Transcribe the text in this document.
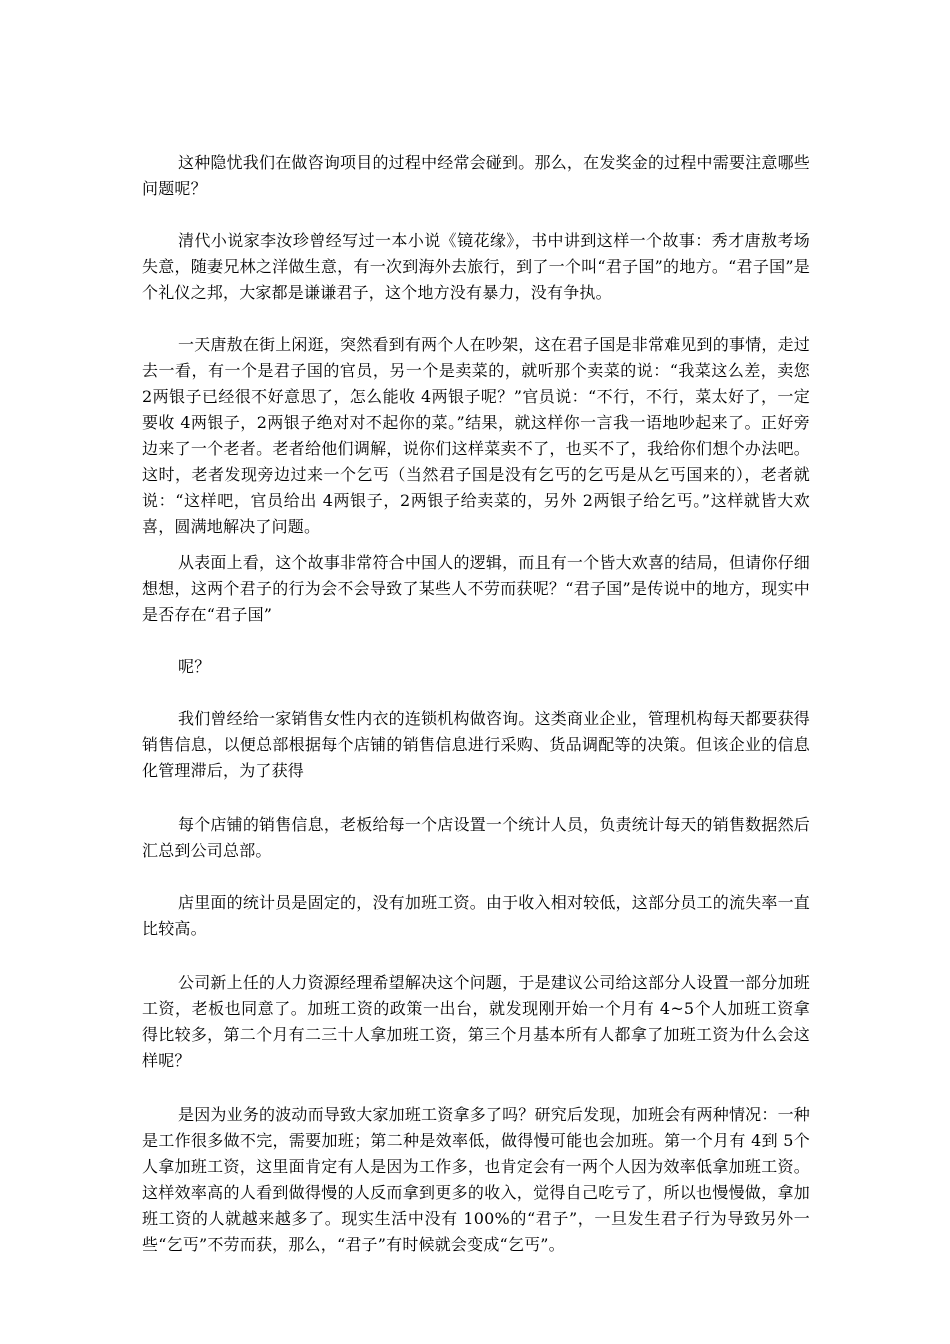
这种隐忧我们在做咨询项目的过程中经常会碰到。那么，在发奖金的过程中需要注意哪些问题呢？

清代小说家李汝珍曾经写过一本小说《镜花缘》，书中讲到这样一个故事：秀才唐敖考场失意，随妻兄林之洋做生意，有一次到海外去旅行，到了一个叫“君子国”的地方。“君子国”是个礼仪之邦，大家都是谦谦君子，这个地方没有暴力，没有争执。

一天唐敖在街上闲逛，突然看到有两个人在吵架，这在君子国是非常难见到的事情，走过去一看，有一个是君子国的官员，另一个是卖菜的，就听那个卖菜的说：“我菜这么差，卖您 2两银子已经很不好意思了，怎么能收 4两银子呢？”官员说：“不行，不行，菜太好了，一定要收 4两银子，2两银子绝对对不起你的菜。”结果，就这样你一言我一语地吵起来了。正好旁边来了一个老者。老者给他们调解，说你们这样菜卖不了，也买不了，我给你们想个办法吧。这时，老者发现旁边过来一个乞丐（当然君子国是没有乞丐的乞丐是从乞丐国来的），老者就说：“这样吧，官员给出 4两银子，2两银子给卖菜的，另外 2两银子给乞丐。”这样就皆大欢喜，圆满地解决了问题。

从表面上看，这个故事非常符合中国人的逻辑，而且有一个皆大欢喜的结局，但请你仔细想想，这两个君子的行为会不会导致了某些人不劳而获呢？“君子国”是传说中的地方，现实中是否存在“君子国”

呢？

我们曾经给一家销售女性内衣的连锁机构做咨询。这类商业企业，管理机构每天都要获得销售信息，以便总部根据每个店铺的销售信息进行采购、货品调配等的决策。但该企业的信息化管理滞后，为了获得

每个店铺的销售信息，老板给每一个店设置一个统计人员，负责统计每天的销售数据然后汇总到公司总部。

店里面的统计员是固定的，没有加班工资。由于收入相对较低，这部分员工的流失率一直比较高。

公司新上任的人力资源经理希望解决这个问题，于是建议公司给这部分人设置一部分加班工资，老板也同意了。加班工资的政策一出台，就发现刚开始一个月有 4~5个人加班工资拿得比较多，第二个月有二三十人拿加班工资，第三个月基本所有人都拿了加班工资为什么会这样呢？

是因为业务的波动而导致大家加班工资拿多了吗？研究后发现，加班会有两种情况：一种是工作很多做不完，需要加班；第二种是效率低，做得慢可能也会加班。第一个月有 4到 5个人拿加班工资，这里面肯定有人是因为工作多，也肯定会有一两个人因为效率低拿加班工资。这样效率高的人看到做得慢的人反而拿到更多的收入，觉得自己吃亏了，所以也慢慢做，拿加班工资的人就越来越多了。现实生活中没有 100%的“君子”，一旦发生君子行为导致另外一些“乞丐”不劳而获，那么，“君子”有时候就会变成“乞丐”。
